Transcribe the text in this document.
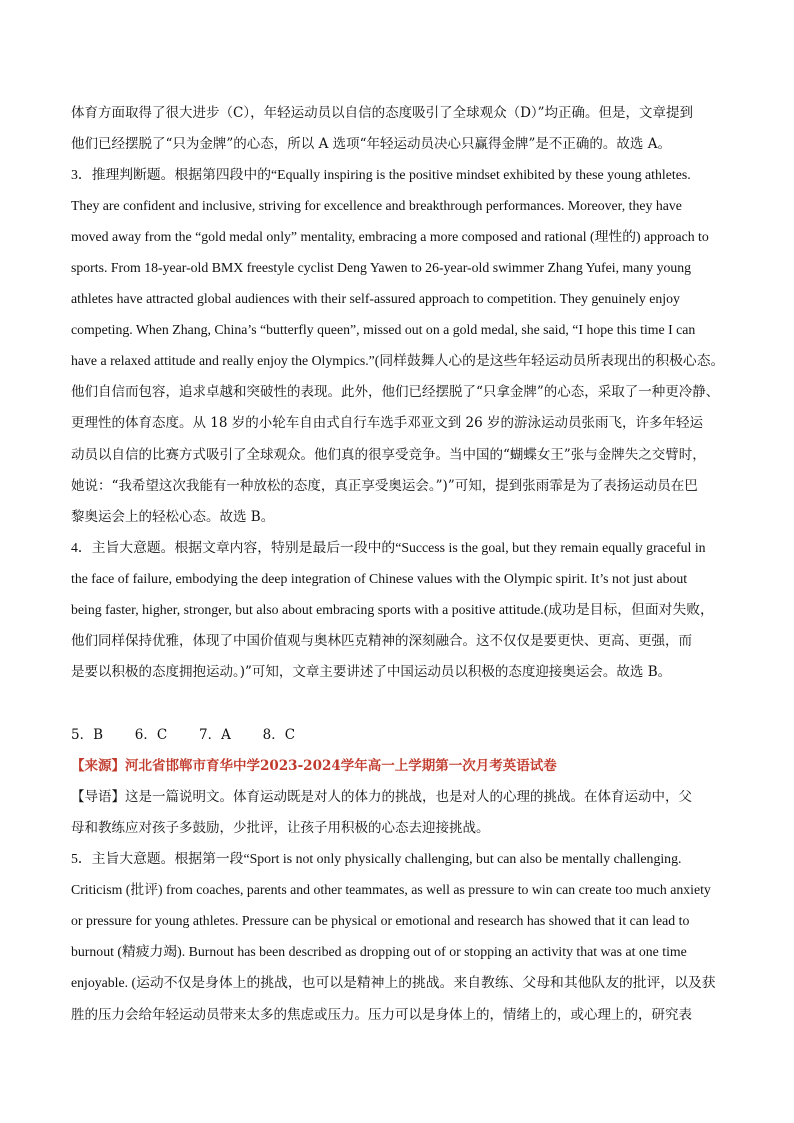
体育方面取得了很大进步（C），年轻运动员以自信的态度吸引了全球观众（D）”均正确。但是，文章提到
他们已经摆脱了“只为金牌”的心态，所以 A 选项“年轻运动员决心只赢得金牌”是不正确的。故选 A。
3．推理判断题。根据第四段中的“Equally inspiring is the positive mindset exhibited by these young athletes.
They are confident and inclusive, striving for excellence and breakthrough performances. Moreover, they have
moved away from the “gold medal only” mentality, embracing a more composed and rational (理性的) approach to
sports. From 18-year-old BMX freestyle cyclist Deng Yawen to 26-year-old swimmer Zhang Yufei, many young
athletes have attracted global audiences with their self-assured approach to competition. They genuinely enjoy
competing. When Zhang, China’s “butterfly queen”, missed out on a gold medal, she said, “I hope this time I can
have a relaxed attitude and really enjoy the Olympics.”(同样鼓舞人心的是这些年轻运动员所表现出的积极心态。
他们自信而包容，追求卓越和突破性的表现。此外，他们已经摆脱了“只拿金牌”的心态，采取了一种更冷静、
更理性的体育态度。从 18 岁的小轮车自由式自行车选手邓亚文到 26 岁的游泳运动员张雨飞，许多年轻运
动员以自信的比赛方式吸引了全球观众。他们真的很享受竞争。当中国的“蝴蝶女王”张与金牌失之交臂时，
她说：“我希望这次我能有一种放松的态度，真正享受奥运会。”)”可知，提到张雨霏是为了表扬运动员在巴
黎奥运会上的轻松心态。故选 B。
4．主旨大意题。根据文章内容，特别是最后一段中的“Success is the goal, but they remain equally graceful in
the face of failure, embodying the deep integration of Chinese values with the Olympic spirit. It’s not just about
being faster, higher, stronger, but also about embracing sports with a positive attitude.(成功是目标，但面对失败，
他们同样保持优雅，体现了中国价值观与奥林匹克精神的深刻融合。这不仅仅是要更快、更高、更强，而
是要以积极的态度拥抱运动。)”可知，文章主要讲述了中国运动员以积极的态度迎接奥运会。故选 B。
5．B　 6．C　 7．A　 8．C
【来源】河北省邯郸市育华中学2023-2024学年高一上学期第一次月考英语试卷
【导语】这是一篇说明文。体育运动既是对人的体力的挑战，也是对人的心理的挑战。在体育运动中，父
母和教练应对孩子多鼓励，少批评，让孩子用积极的心态去迎接挑战。
5．主旨大意题。根据第一段“Sport is not only physically challenging, but can also be mentally challenging.
Criticism (批评) from coaches, parents and other teammates, as well as pressure to win can create too much anxiety
or pressure for young athletes. Pressure can be physical or emotional and research has showed that it can lead to
burnout (精疲力竭). Burnout has been described as dropping out of or stopping an activity that was at one time
enjoyable. (运动不仅是身体上的挑战，也可以是精神上的挑战。来自教练、父母和其他队友的批评，以及获
胜的压力会给年轻运动员带来太多的焦虑或压力。压力可以是身体上的，情绪上的，或心理上的，研究表
